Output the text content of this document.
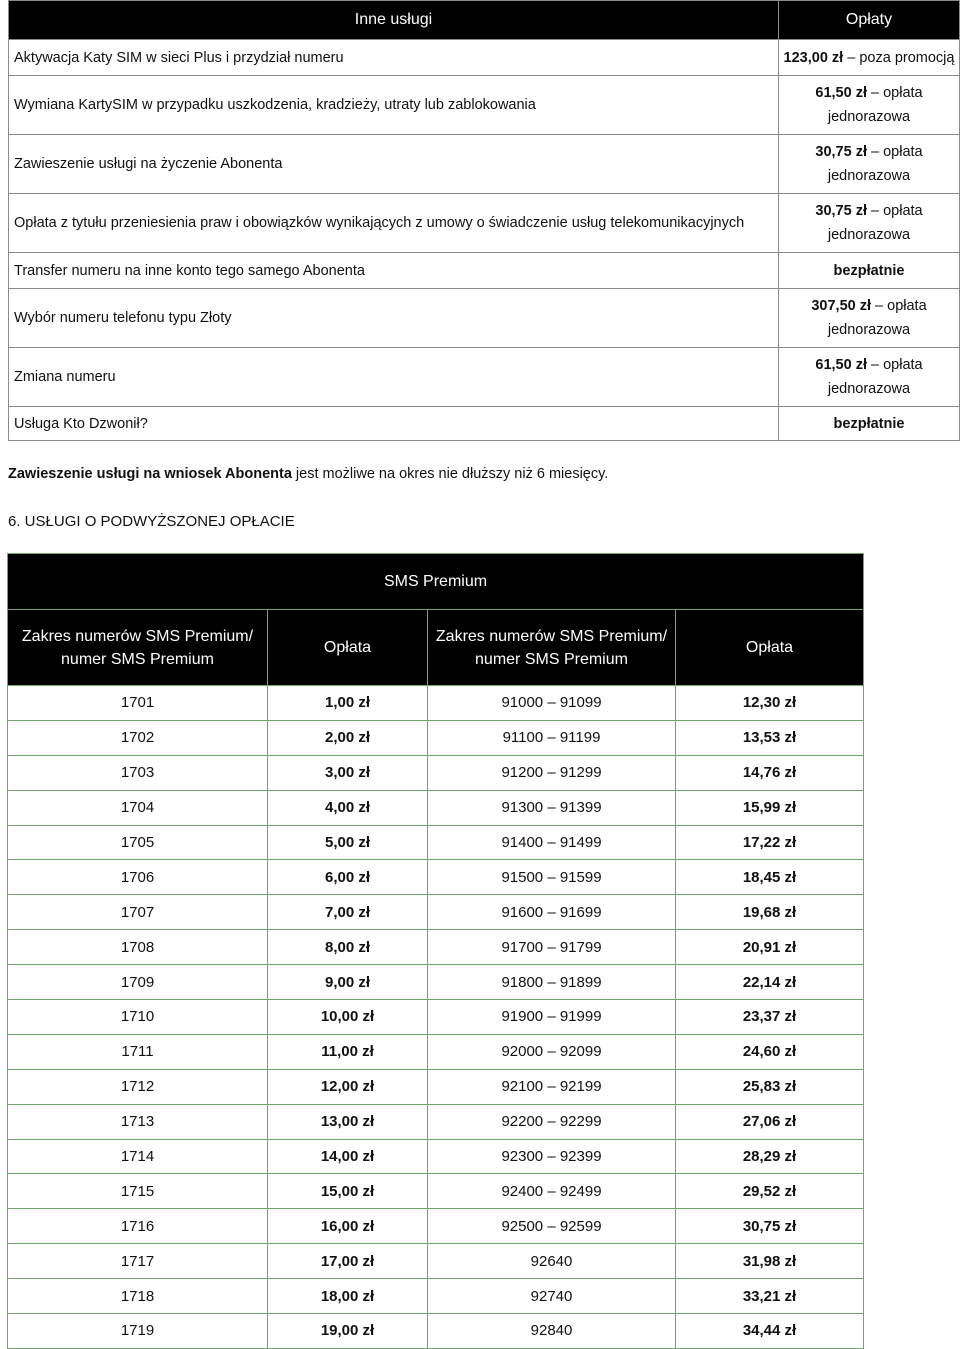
Inne usługi	Opłaty
Aktywacja Katy SIM w sieci Plus i przydział numeru	123,00 zł – poza promocją
Wymiana KartySIM w przypadku uszkodzenia, kradzieży, utraty lub zablokowania	61,50 zł – opłata jednorazowa
Zawieszenie usługi na życzenie Abonenta	30,75 zł – opłata jednorazowa
Opłata z tytułu przeniesienia praw i obowiązków wynikających z umowy o świadczenie usług telekomunikacyjnych	30,75 zł – opłata jednorazowa
Transfer numeru na inne konto tego samego Abonenta	bezpłatnie
Wybór numeru telefonu typu Złoty	307,50 zł – opłata jednorazowa
Zmiana numeru	61,50 zł – opłata jednorazowa
Usługa Kto Dzwonił?	bezpłatnie

Zawieszenie usługi na wniosek Abonenta jest możliwe na okres nie dłuższy niż 6 miesięcy.

6. USŁUGI O PODWYŻSZONEJ OPŁACIE
SMS Premium			
Zakres numerów SMS Premium/ numer SMS Premium	Opłata	Zakres numerów SMS Premium/ numer SMS Premium	Opłata
1701	1,00 zł	91000 – 91099	12,30 zł
1702	2,00 zł	91100 – 91199	13,53 zł
1703	3,00 zł	91200 – 91299	14,76 zł
1704	4,00 zł	91300 – 91399	15,99 zł
1705	5,00 zł	91400 – 91499	17,22 zł
1706	6,00 zł	91500 – 91599	18,45 zł
1707	7,00 zł	91600 – 91699	19,68 zł
1708	8,00 zł	91700 – 91799	20,91 zł
1709	9,00 zł	91800 – 91899	22,14 zł
1710	10,00 zł	91900 – 91999	23,37 zł
1711	11,00 zł	92000 – 92099	24,60 zł
1712	12,00 zł	92100 – 92199	25,83 zł
1713	13,00 zł	92200 – 92299	27,06 zł
1714	14,00 zł	92300 – 92399	28,29 zł
1715	15,00 zł	92400 – 92499	29,52 zł
1716	16,00 zł	92500 – 92599	30,75 zł
1717	17,00 zł	92640	31,98 zł
1718	18,00 zł	92740	33,21 zł
1719	19,00 zł	92840	34,44 zł
